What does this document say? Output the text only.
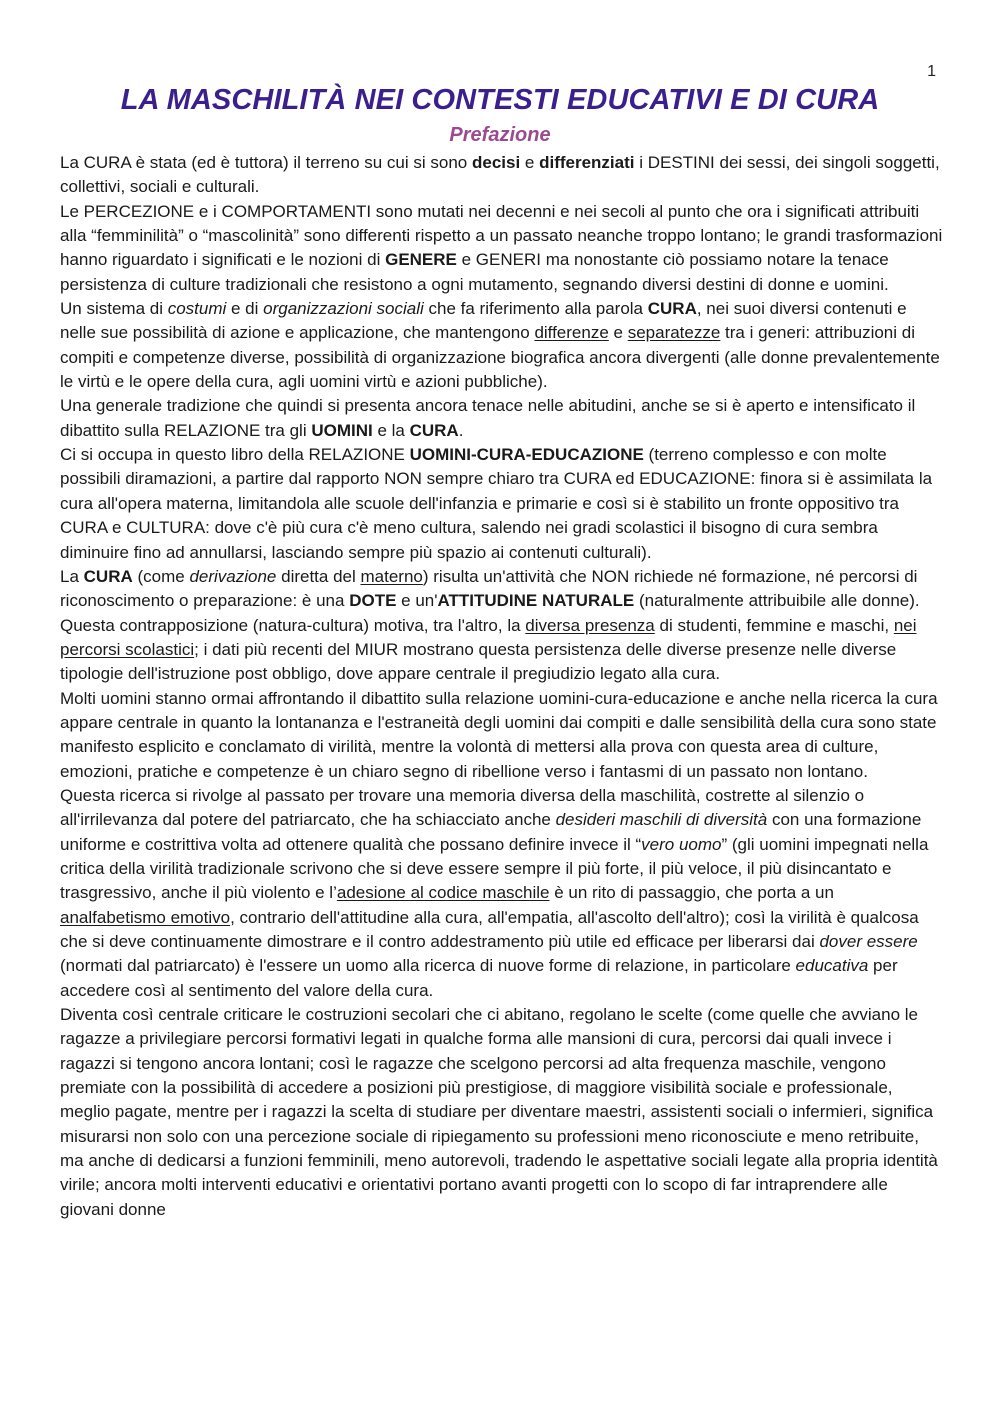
1
LA MASCHILITÀ NEI CONTESTI EDUCATIVI E DI CURA
Prefazione

La CURA è stata (ed è tuttora) il terreno su cui si sono decisi e differenziati i DESTINI dei sessi, dei singoli soggetti, collettivi, sociali e culturali.

Le PERCEZIONE e i COMPORTAMENTI sono mutati nei decenni e nei secoli al punto che ora i significati attribuiti alla “femminilità” o “mascolinità” sono differenti rispetto a un passato neanche troppo lontano; le grandi trasformazioni hanno riguardato i significati e le nozioni di GENERE e GENERI ma nonostante ciò possiamo notare la tenace persistenza di culture tradizionali che resistono a ogni mutamento, segnando diversi destini di donne e uomini.

Un sistema di costumi e di organizzazioni sociali che fa riferimento alla parola CURA, nei suoi diversi contenuti e nelle sue possibilità di azione e applicazione, che mantengono differenze e separatezze tra i generi: attribuzioni di compiti e competenze diverse, possibilità di organizzazione biografica ancora divergenti (alle donne prevalentemente le virtù e le opere della cura, agli uomini virtù e azioni pubbliche).

Una generale tradizione che quindi si presenta ancora tenace nelle abitudini, anche se si è aperto e intensificato il dibattito sulla RELAZIONE tra gli UOMINI e la CURA.

Ci si occupa in questo libro della RELAZIONE UOMINI-CURA-EDUCAZIONE (terreno complesso e con molte possibili diramazioni, a partire dal rapporto NON sempre chiaro tra CURA ed EDUCAZIONE: finora si è assimilata la cura all'opera materna, limitandola alle scuole dell'infanzia e primarie e così si è stabilito un fronte oppositivo tra CURA e CULTURA: dove c'è più cura c'è meno cultura, salendo nei gradi scolastici il bisogno di cura sembra diminuire fino ad annullarsi, lasciando sempre più spazio ai contenuti culturali).

La CURA (come derivazione diretta del materno) risulta un'attività che NON richiede né formazione, né percorsi di riconoscimento o preparazione: è una DOTE e un'ATTITUDINE NATURALE (naturalmente attribuibile alle donne).

Questa contrapposizione (natura-cultura) motiva, tra l'altro, la diversa presenza di studenti, femmine e maschi, nei percorsi scolastici; i dati più recenti del MIUR mostrano questa persistenza delle diverse presenze nelle diverse tipologie dell'istruzione post obbligo, dove appare centrale il pregiudizio legato alla cura.

Molti uomini stanno ormai affrontando il dibattito sulla relazione uomini-cura-educazione e anche nella ricerca la cura appare centrale in quanto la lontananza e l'estraneità degli uomini dai compiti e dalle sensibilità della cura sono state manifesto esplicito e conclamato di virilità, mentre la volontà di mettersi alla prova con questa area di culture, emozioni, pratiche e competenze è un chiaro segno di ribellione verso i fantasmi di un passato non lontano.

Questa ricerca si rivolge al passato per trovare una memoria diversa della maschilità, costrette al silenzio o all'irrilevanza dal potere del patriarcato, che ha schiacciato anche desideri maschili di diversità con una formazione uniforme e costrittiva volta ad ottenere qualità che possano definire invece il “vero uomo” (gli uomini impegnati nella critica della virilità tradizionale scrivono che si deve essere sempre il più forte, il più veloce, il più disincantato e trasgressivo, anche il più violento e l’adesione al codice maschile è un rito di passaggio, che porta a un analfabetismo emotivo, contrario dell'attitudine alla cura, all'empatia, all'ascolto dell'altro); così la virilità è qualcosa che si deve continuamente dimostrare e il contro addestramento più utile ed efficace per liberarsi dai dover essere (normati dal patriarcato) è l'essere un uomo alla ricerca di nuove forme di relazione, in particolare educativa per accedere così al sentimento del valore della cura.

Diventa così centrale criticare le costruzioni secolari che ci abitano, regolano le scelte (come quelle che avviano le ragazze a privilegiare percorsi formativi legati in qualche forma alle mansioni di cura, percorsi dai quali invece i ragazzi si tengono ancora lontani; così le ragazze che scelgono percorsi ad alta frequenza maschile, vengono premiate con la possibilità di accedere a posizioni più prestigiose, di maggiore visibilità sociale e professionale, meglio pagate, mentre per i ragazzi la scelta di studiare per diventare maestri, assistenti sociali o infermieri, significa misurarsi non solo con una percezione sociale di ripiegamento su professioni meno riconosciute e meno retribuite, ma anche di dedicarsi a funzioni femminili, meno autorevoli, tradendo le aspettative sociali legate alla propria identità virile; ancora molti interventi educativi e orientativi portano avanti progetti con lo scopo di far intraprendere alle giovani donne
